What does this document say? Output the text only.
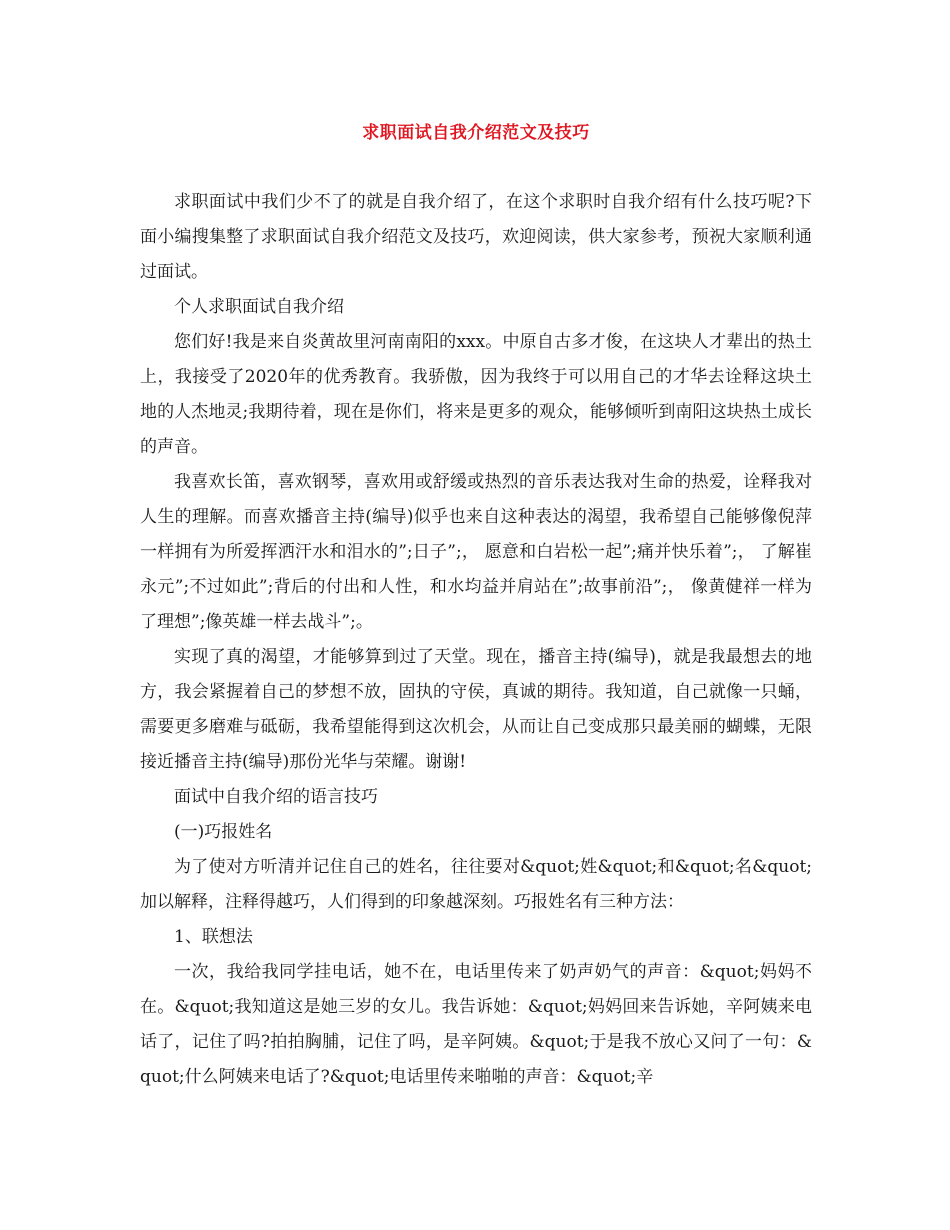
求职面试自我介绍范文及技巧

求职面试中我们少不了的就是自我介绍了，在这个求职时自我介绍有什么技巧呢?下面小编搜集整了求职面试自我介绍范文及技巧，欢迎阅读，供大家参考，预祝大家顺利通过面试。

个人求职面试自我介绍

您们好!我是来自炎黄故里河南南阳的xxx。中原自古多才俊，在这块人才辈出的热土上，我接受了2020年的优秀教育。我骄傲，因为我终于可以用自己的才华去诠释这块土地的人杰地灵;我期待着，现在是你们，将来是更多的观众，能够倾听到南阳这块热土成长的声音。

我喜欢长笛，喜欢钢琴，喜欢用或舒缓或热烈的音乐表达我对生命的热爱，诠释我对人生的理解。而喜欢播音主持(编导)似乎也来自这种表达的渴望，我希望自己能够像倪萍一样拥有为所爱挥洒汗水和泪水的”;日子”;， 愿意和白岩松一起”;痛并快乐着”;， 了解崔永元”;不过如此”;背后的付出和人性，和水均益并肩站在”;故事前沿”;， 像黄健祥一样为了理想”;像英雄一样去战斗”;。

实现了真的渴望，才能够算到过了天堂。现在，播音主持(编导)，就是我最想去的地方，我会紧握着自己的梦想不放，固执的守侯，真诚的期待。我知道，自己就像一只蛹，需要更多磨难与砥砺，我希望能得到这次机会，从而让自己变成那只最美丽的蝴蝶，无限接近播音主持(编导)那份光华与荣耀。谢谢!

面试中自我介绍的语言技巧

(一)巧报姓名

为了使对方听清并记住自己的姓名，往往要对&quot;姓&quot;和&quot;名&quot;加以解释，注释得越巧，人们得到的印象越深刻。巧报姓名有三种方法：

1、联想法

一次，我给我同学挂电话，她不在，电话里传来了奶声奶气的声音：&quot;妈妈不在。&quot;我知道这是她三岁的女儿。我告诉她：&quot;妈妈回来告诉她，辛阿姨来电话了，记住了吗?拍拍胸脯，记住了吗，是辛阿姨。&quot;于是我不放心又问了一句：&quot;什么阿姨来电话了?&quot;电话里传来啪啪的声音：&quot;辛
